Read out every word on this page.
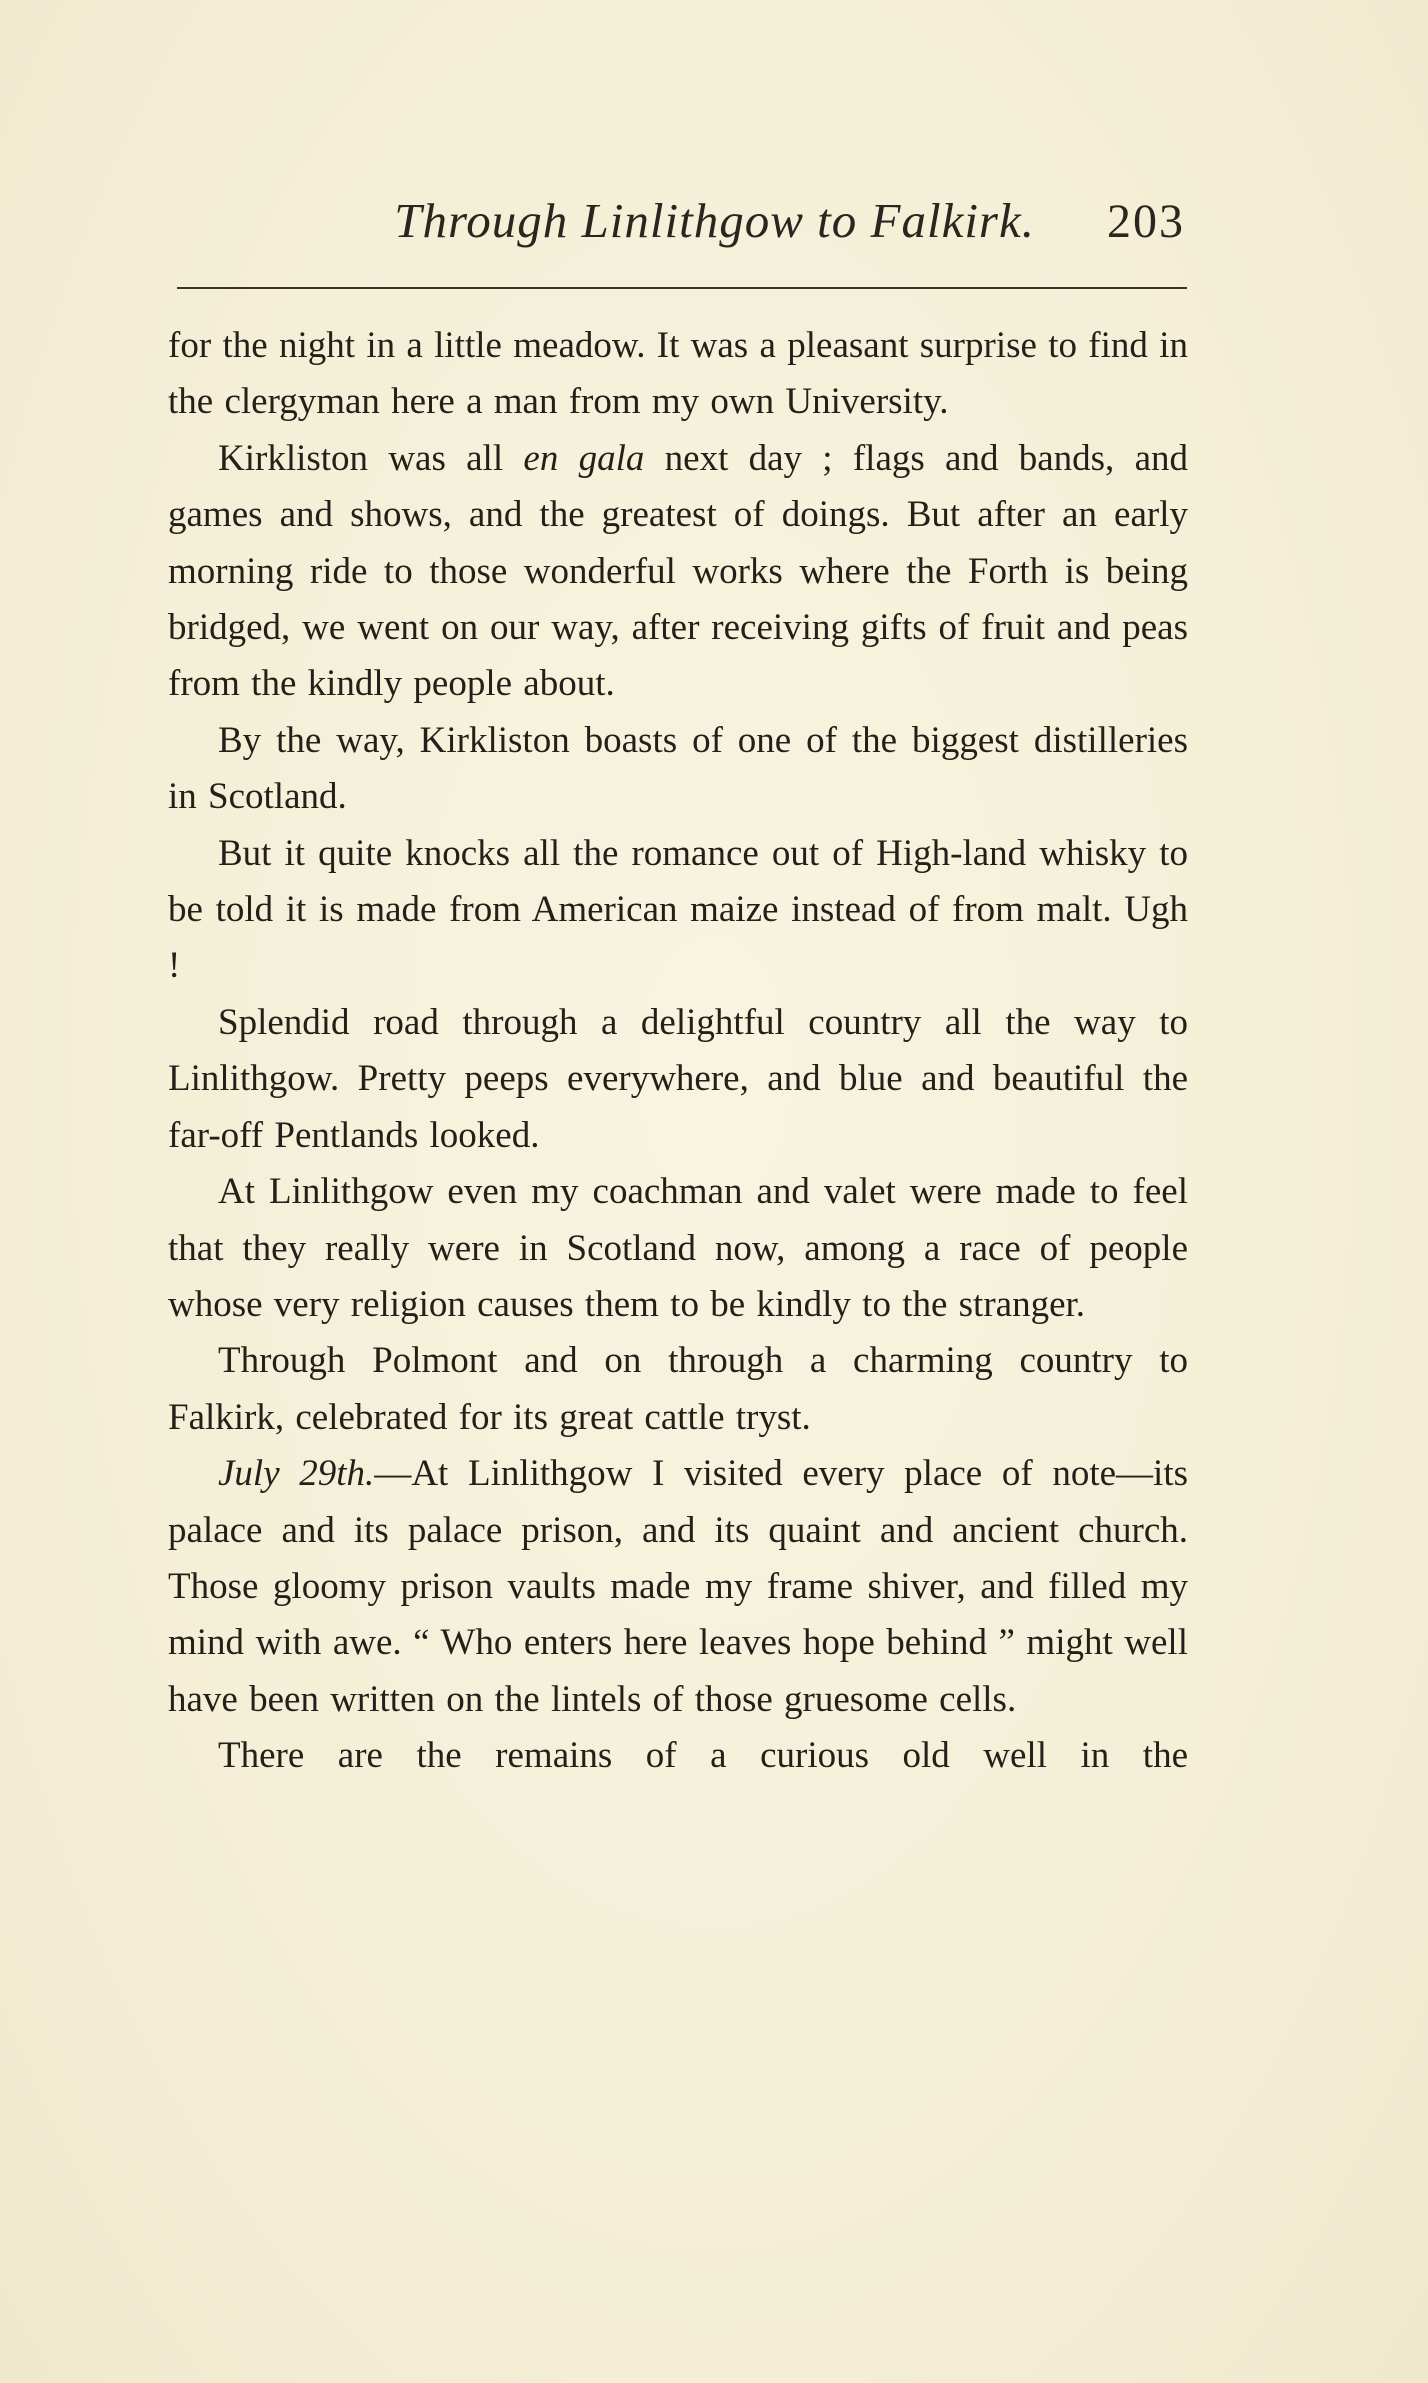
Through Linlithgow to Falkirk. 203

for the night in a little meadow. It was a pleasant surprise to find in the clergyman here a man from my own University.

Kirkliston was all en gala next day ; flags and bands, and games and shows, and the greatest of doings. But after an early morning ride to those wonderful works where the Forth is being bridged, we went on our way, after receiving gifts of fruit and peas from the kindly people about.

By the way, Kirkliston boasts of one of the biggest distilleries in Scotland.

But it quite knocks all the romance out of High-land whisky to be told it is made from American maize instead of from malt. Ugh !

Splendid road through a delightful country all the way to Linlithgow. Pretty peeps everywhere, and blue and beautiful the far-off Pentlands looked.

At Linlithgow even my coachman and valet were made to feel that they really were in Scotland now, among a race of people whose very religion causes them to be kindly to the stranger.

Through Polmont and on through a charming country to Falkirk, celebrated for its great cattle tryst.

July 29th.—At Linlithgow I visited every place of note—its palace and its palace prison, and its quaint and ancient church. Those gloomy prison vaults made my frame shiver, and filled my mind with awe. “ Who enters here leaves hope behind ” might well have been written on the lintels of those gruesome cells.

There are the remains of a curious old well in the
